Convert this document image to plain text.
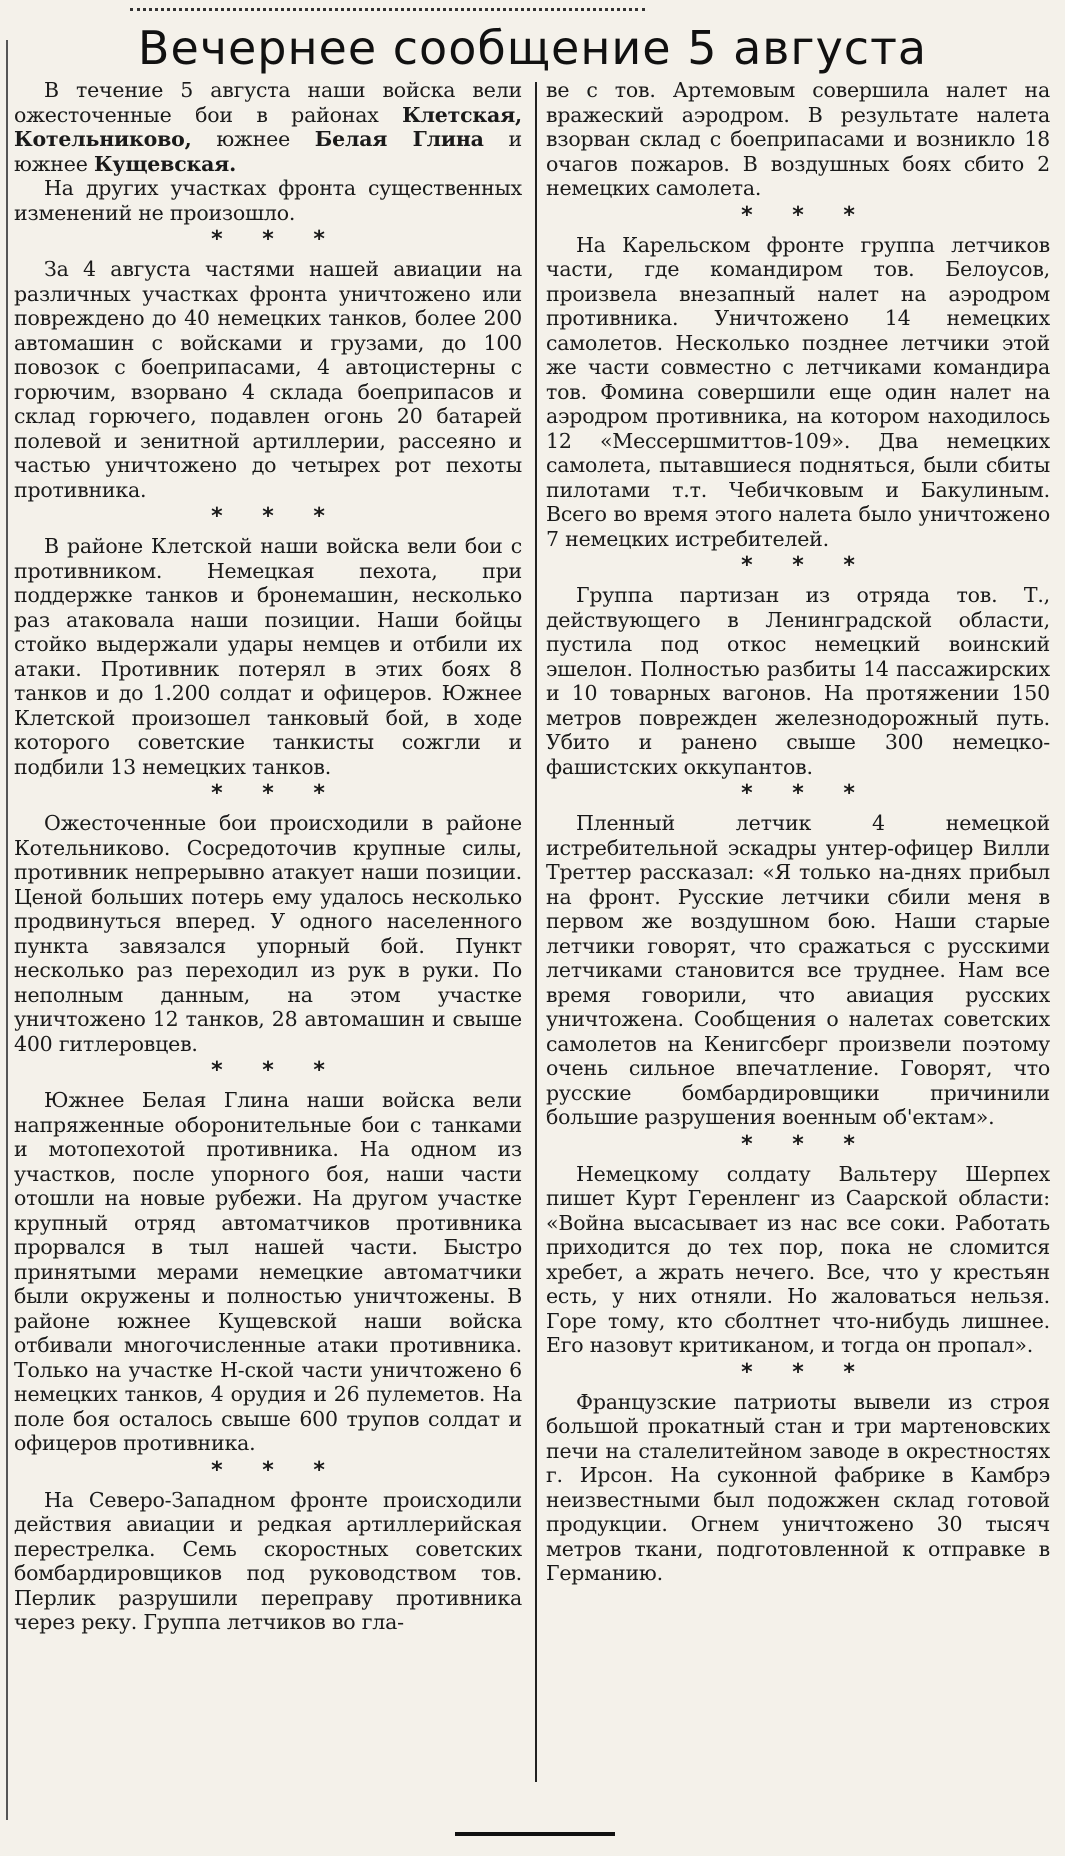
Вечернее сообщение 5 августа

В течение 5 августа наши войска вели ожесточенные бои в районах Клетская, Котельниково, южнее Белая Глина и южнее Кущевская.

На других участках фронта существенных изменений не произошло.

* * *

За 4 августа частями нашей авиации на различных участках фронта уничтожено или повреждено до 40 немецких танков, более 200 автомашин с войсками и грузами, до 100 повозок с боеприпасами, 4 автоцистерны с горючим, взорвано 4 склада боеприпасов и склад горючего, подавлен огонь 20 батарей полевой и зенитной артиллерии, рассеяно и частью уничтожено до четырех рот пехоты противника.

* * *

В районе Клетской наши войска вели бои с противником. Немецкая пехота, при поддержке танков и бронемашин, несколько раз атаковала наши позиции. Наши бойцы стойко выдержали удары немцев и отбили их атаки. Противник потерял в этих боях 8 танков и до 1.200 солдат и офицеров. Южнее Клетской произошел танковый бой, в ходе которого советские танкисты сожгли и подбили 13 немецких танков.

* * *

Ожесточенные бои происходили в районе Котельниково. Сосредоточив крупные силы, противник непрерывно атакует наши позиции. Ценой больших потерь ему удалось несколько продвинуться вперед. У одного населенного пункта завязался упорный бой. Пункт несколько раз переходил из рук в руки. По неполным данным, на этом участке уничтожено 12 танков, 28 автомашин и свыше 400 гитлеровцев.

* * *

Южнее Белая Глина наши войска вели напряженные оборонительные бои с танками и мотопехотой противника. На одном из участков, после упорного боя, наши части отошли на новые рубежи. На другом участке крупный отряд автоматчиков противника прорвался в тыл нашей части. Быстро принятыми мерами немецкие автоматчики были окружены и полностью уничтожены. В районе южнее Кущевской наши войска отбивали многочисленные атаки противника. Только на участке Н-ской части уничтожено 6 немецких танков, 4 орудия и 26 пулеметов. На поле боя осталось свыше 600 трупов солдат и офицеров противника.

* * *

На Северо-Западном фронте происходили действия авиации и редкая артиллерийская перестрелка. Семь скоростных советских бомбардировщиков под руководством тов. Перлик разрушили переправу противника через реку. Группа летчиков во гла-

ве с тов. Артемовым совершила налет на вражеский аэродром. В результате налета взорван склад с боеприпасами и возникло 18 очагов пожаров. В воздушных боях сбито 2 немецких самолета.

* * *

На Карельском фронте группа летчиков части, где командиром тов. Белоусов, произвела внезапный налет на аэродром противника. Уничтожено 14 немецких самолетов. Несколько позднее летчики этой же части совместно с летчиками командира тов. Фомина совершили еще один налет на аэродром противника, на котором находилось 12 «Мессершмиттов-109». Два немецких самолета, пытавшиеся подняться, были сбиты пилотами т.т. Чебичковым и Бакулиным. Всего во время этого налета было уничтожено 7 немецких истребителей.

* * *

Группа партизан из отряда тов. Т., действующего в Ленинградской области, пустила под откос немецкий воинский эшелон. Полностью разбиты 14 пассажирских и 10 товарных вагонов. На протяжении 150 метров поврежден железнодорожный путь. Убито и ранено свыше 300 немецко-фашистских оккупантов.

* * *

Пленный летчик 4 немецкой истребительной эскадры унтер-офицер Вилли Треттер рассказал: «Я только на-днях прибыл на фронт. Русские летчики сбили меня в первом же воздушном бою. Наши старые летчики говорят, что сражаться с русскими летчиками становится все труднее. Нам все время говорили, что авиация русских уничтожена. Сообщения о налетах советских самолетов на Кенигсберг произвели поэтому очень сильное впечатление. Говорят, что русские бомбардировщики причинили большие разрушения военным об'ектам».

* * *

Немецкому солдату Вальтеру Шерпех пишет Курт Геренленг из Саарской области: «Война высасывает из нас все соки. Работать приходится до тех пор, пока не сломится хребет, а жрать нечего. Все, что у крестьян есть, у них отняли. Но жаловаться нельзя. Горе тому, кто сболтнет что-нибудь лишнее. Его назовут критиканом, и тогда он пропал».

* * *

Французские патриоты вывели из строя большой прокатный стан и три мартеновских печи на сталелитейном заводе в окрестностях г. Ирсон. На суконной фабрике в Камбрэ неизвестными был подожжен склад готовой продукции. Огнем уничтожено 30 тысяч метров ткани, подготовленной к отправке в Германию.
